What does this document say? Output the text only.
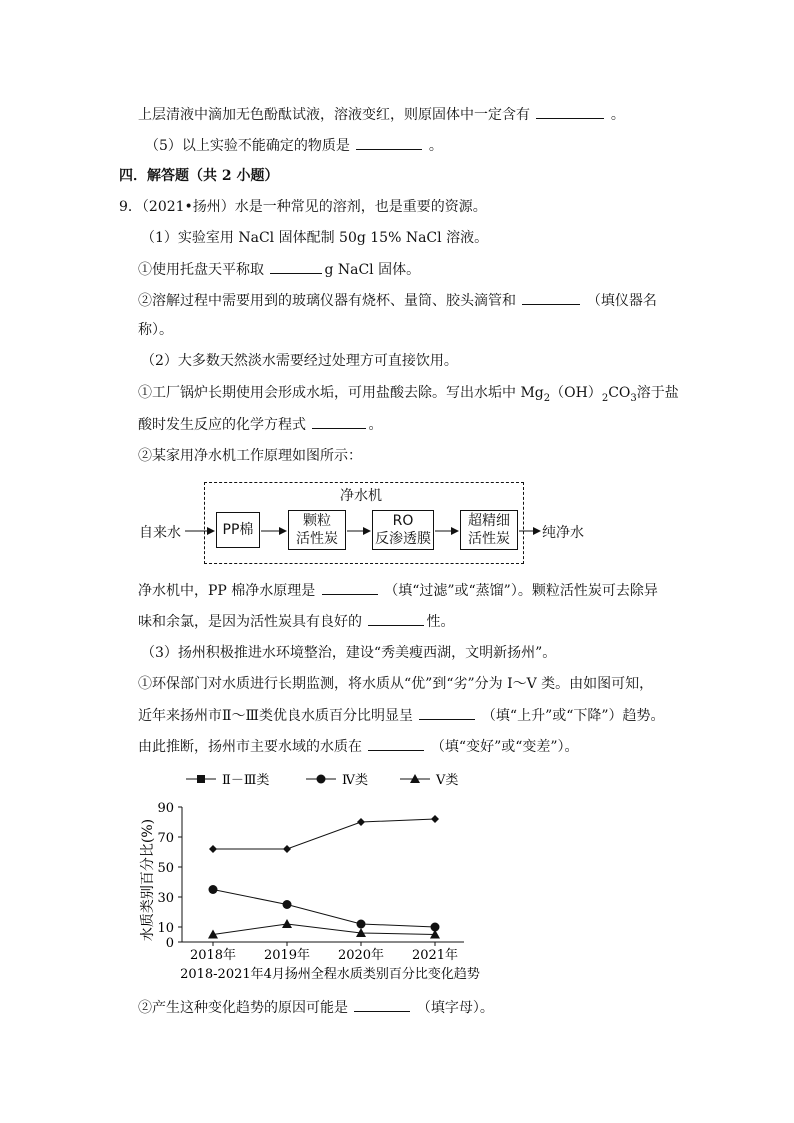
上层清液中滴加无色酚酞试液，溶液变红，则原固体中一定含有	。
（5）以上实验不能确定的物质是	。
四．解答题（共 2 小题）
9．（2021•扬州）水是一种常见的溶剂，也是重要的资源。
（1）实验室用 NaCl 固体配制 50g 15% NaCl 溶液。
①使用托盘天平称取	g NaCl 固体。
②溶解过程中需要用到的玻璃仪器有烧杯、量筒、胶头滴管和	（填仪器名
称）。
（2）大多数天然淡水需要经过处理方可直接饮用。
①工厂锅炉长期使用会形成水垢，可用盐酸去除。写出水垢中 $Mg_2(OH)_2CO_3$溶于盐
酸时发生反应的化学方程式	。
②某家用净水机工作原理如图所示：
净水机
自来水	纯净水
PP棉
颗粒
活性炭
RO
反渗透膜
超精细
活性炭
净水机中，PP 棉净水原理是	（填“过滤”或“蒸馏”）。颗粒活性炭可去除异
味和余氯，是因为活性炭具有良好的	性。
（3）扬州积极推进水环境整治，建设“秀美瘦西湖，文明新扬州”。
①环保部门对水质进行长期监测，将水质从“优”到“劣”分为 I～V 类。由如图可知，
近年来扬州市Ⅱ～Ⅲ类优良水质百分比明显呈	（填“上升”或“下降”）趋势。
由此推断，扬州市主要水域的水质在	（填“变好”或“变差”）。
Ⅱ－Ⅲ类	Ⅳ类	Ⅴ类
水质类别百分比(%)
0
10
30
50
70
90
2018年 2019年 2020年 2021年
2018-2021年4月扬州全程水质类别百分比变化趋势
②产生这种变化趋势的原因可能是	（填字母）。
